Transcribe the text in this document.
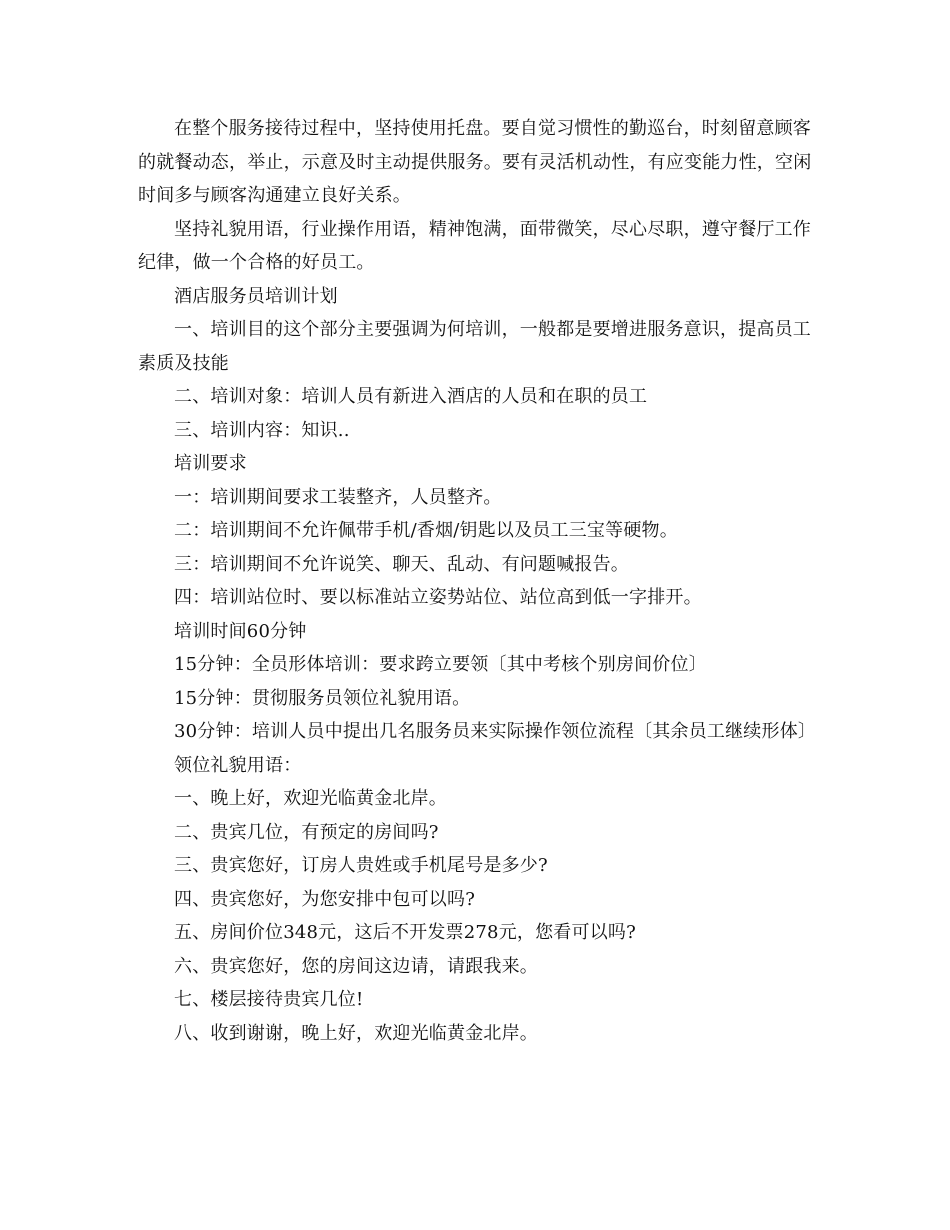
在整个服务接待过程中，坚持使用托盘。要自觉习惯性的勤巡台，时刻留意顾客的就餐动态，举止，示意及时主动提供服务。要有灵活机动性，有应变能力性，空闲时间多与顾客沟通建立良好关系。

坚持礼貌用语，行业操作用语，精神饱满，面带微笑，尽心尽职，遵守餐厅工作纪律，做一个合格的好员工。

酒店服务员培训计划

一、培训目的这个部分主要强调为何培训，一般都是要增进服务意识，提高员工素质及技能

二、培训对象：培训人员有新进入酒店的人员和在职的员工

三、培训内容：知识..

培训要求

一：培训期间要求工装整齐，人员整齐。

二：培训期间不允许佩带手机/香烟/钥匙以及员工三宝等硬物。

三：培训期间不允许说笑、聊天、乱动、有问题喊报告。

四：培训站位时、要以标准站立姿势站位、站位高到低一字排开。

培训时间60分钟

15分钟：全员形体培训：要求跨立要领〔其中考核个别房间价位〕

15分钟：贯彻服务员领位礼貌用语。

30分钟：培训人员中提出几名服务员来实际操作领位流程〔其余员工继续形体〕

领位礼貌用语：

一、晚上好，欢迎光临黄金北岸。

二、贵宾几位，有预定的房间吗?

三、贵宾您好，订房人贵姓或手机尾号是多少?

四、贵宾您好，为您安排中包可以吗?

五、房间价位348元，这后不开发票278元，您看可以吗?

六、贵宾您好，您的房间这边请，请跟我来。

七、楼层接待贵宾几位!

八、收到谢谢，晚上好，欢迎光临黄金北岸。
